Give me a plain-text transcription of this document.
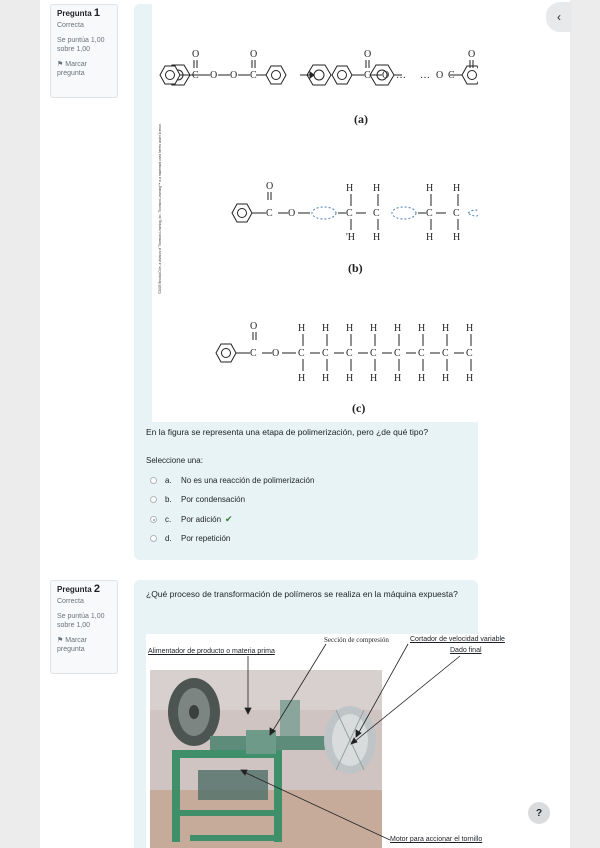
‹
Pregunta 1
Correcta
Se puntúa 1,00 sobre 1,00
⚑ Marcar pregunta
©2003 Brooks/Cole, a division of Thomson Learning, Inc. Thomson Learning™ is a trademark used herein under license.
C O O C
O	O
C O … … O C
O	O
(a)
C O
O
C C
H H
'H H
C C
H H
H H
(b)
C O
O
C C C C C C C C
H H H H H H H H
H H H H H H H H
(c)
En la figura se representa una etapa de polimerización, pero ¿de qué tipo?
Seleccione una:
a.	No es una reacción de polimerización
b.	Por condensación
c.	Por adición ✔
d.	Por repetición
Pregunta 2
Correcta
Se puntúa 1,00 sobre 1,00
⚑ Marcar pregunta
¿Qué proceso de transformación de polímeros se realiza en la máquina expuesta?
Alimentador de producto o materia prima
Sección de compresión	Cortador de velocidad variable
Dado final
Motor para accionar el tornillo
?
